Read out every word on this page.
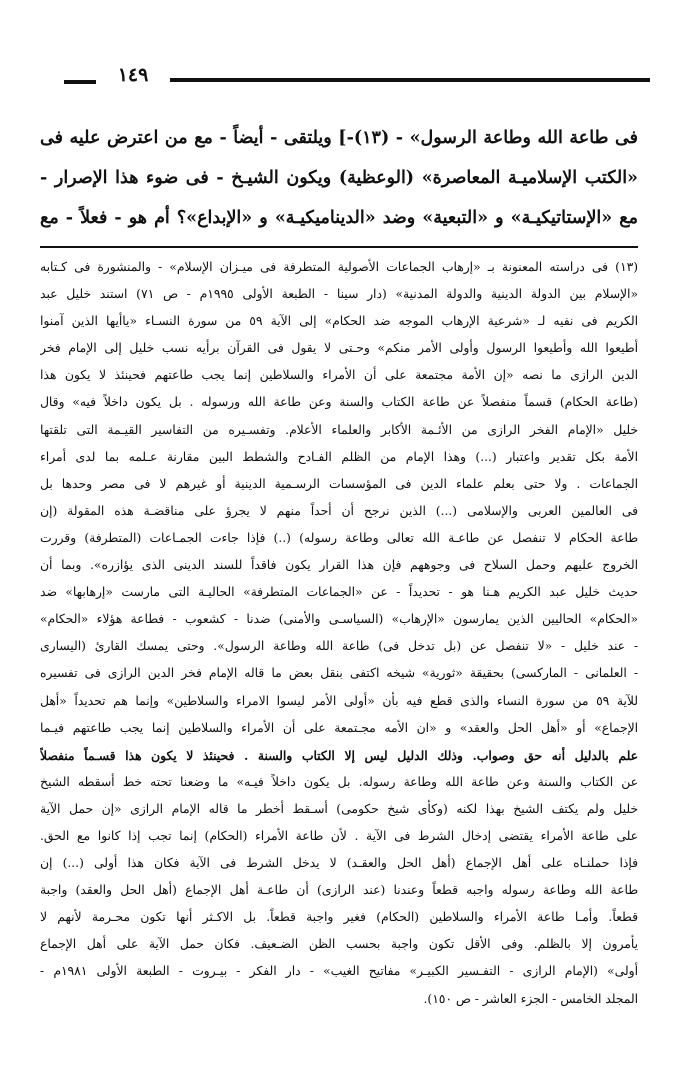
١٤٩
فى طاعة الله وطاعة الرسول» - (١٣)-] ويلتقى - أيضاً - مع من اعترض عليه فى
«الكتب الإسلاميـة المعاصرة» (الوعظية) ويكون الشيـخ - فى ضوء هذا الإصرار -
مع «الإستاتيكيـة» و «التبعية» وضد «الديناميكيـة» و «الإبداع»؟ أم هو - فعلاً - مع
(١٣) فى دراسته المعنونة بـ «إرهاب الجماعات الأصولية المتطرفة فى ميـزان الإسلام» - والمنشورة فى كـتابه
«الإسلام بين الدولة الدينية والدولة المدنية» (دار سينا - الطبعة الأولى ١٩٩٥م - ص ٧١) استند خليل عبد
الكريم فى نفيه لـ «شرعية الإرهاب الموجه ضد الحكام» إلى الآية ٥٩ من سورة النسـاء «ياأيها الذين آمنوا
أطيعوا الله وأطيعوا الرسول وأولى الأمر منكم» وحـتى لا يقول فى القرآن برأيه نسب خليل إلى الإمام فخر
الدين الرازى ما نصه «إن الأمة مجتمعة على أن الأمراء والسلاطين إنما يجب طاعتهم فحينئذ لا يكون هذا
(طاعة الحكام) قسماً منفصلاً عن طاعة الكتاب والسنة وعن طاعة الله ورسوله . بل يكون داخلاً فيه» وقال
خليل «الإمام الفخر الرازى من الأئـمة الأكابر والعلماء الأعلام. وتفسـيره من التفاسير القيـمة التى تلقتها
الأمة بكل تقدير واعتبار (...) وهذا الإمام من الظلم الفـادح والشطط البين مقارنة عـلمه بما لدى أمراء
الجماعات . ولا حتى بعلم علماء الدين فى المؤسسات الرسـمية الدينية أو غيرهم لا فى مصر وحدها بل
فى العالمين العربى والإسلامى (...) الذين نرجح أن أحداً منهم لا يجرؤ على مناقضـة هذه المقولة (إن
طاعة الحكام لا تنفصل عن طاعـة الله تعالى وطاعة رسوله) (..) فإذا جاءت الجمـاعات (المتطرفة) وقررت
الخروج عليهم وحمل السلاح فى وجوههم فإن هذا القرار يكون فاقداً للسند الدينى الذى يؤازره». وبما أن
حديث خليل عبد الكريم هـنا هو - تحديداً - عن «الجماعات المتطرفة» الحاليـة التى مارست «إرهابها» ضد
«الحكام» الحاليين الذين يمارسون «الإرهاب» (السياسـى والأمنى) ضدنا - كشعوب - فطاعة هؤلاء «الحكام»
- عند خليل - «لا تنفصل عن (بل تدخل فى) طاعة الله وطاعة الرسول». وحتى يمسك القارئ (اليسارى
- العلمانى - الماركسى) بحقيقة «ثورية» شيخه اكتفى بنقل بعض ما قاله الإمام فخر الدين الرازى فى تفسيره
للآية ٥٩ من سورة النساء والذى قطع فيه بأن «أولى الأمر ليسوا الامراء والسلاطين» وإنما هم تحديداً «أهل
الإجماع» أو «أهل الحل والعقد» و «ان الأمه مجـتمعة على أن الأمراء والسلاطين إنما يجب طاعتهم فيـما
علم بالدليل أنه حق وصواب. وذلك الدليل ليس إلا الكتاب والسنة . فحينئذ لا يكون هذا قسـماً منفصلاً
عن الكتاب والسنة وعن طاعة الله وطاعة رسوله. بل يكون داخلاً فيـه» ما وضعنا تحته خط أسقطه الشيخ
خليل ولم يكتف الشيخ بهذا لكنه (وكأى شيخ حكومى) أسـقط أخطر ما قاله الإمام الرازى «إن حمل الآية
على طاعة الأمراء يقتضى إدخال الشرط فى الآية . لأن طاعة الأمراء (الحكام) إنما تجب إذا كانوا مع الحق.
فإذا حملنـاه على أهل الإجماع (أهل الحل والعقـد) لا يدخل الشرط فى الآية فكان هذا أولى (...) إن
طاعة الله وطاعة رسوله واجبه قطعاً وعندنا (عند الرازى) أن طاعـة أهل الإجماع (أهل الحل والعقد) واجبة
قطعاً. وأمـا طاعة الأمراء والسلاطين (الحكام) فغير واجبة قطعاً. بل الاكـثر أنها تكون محـرمة لأنهم لا
يأمرون إلا بالظلم. وفى الأقل تكون واجبة بحسب الظن الضـعيف. فكان حمل الآية على أهل الإجماع
أولى» (الإمام الرازى - التفـسير الكبيـر» مفاتيح الغيب» - دار الفكر - بيـروت - الطبعة الأولى ١٩٨١م -
المجلد الخامس - الجزء العاشر - ص ١٥٠).
